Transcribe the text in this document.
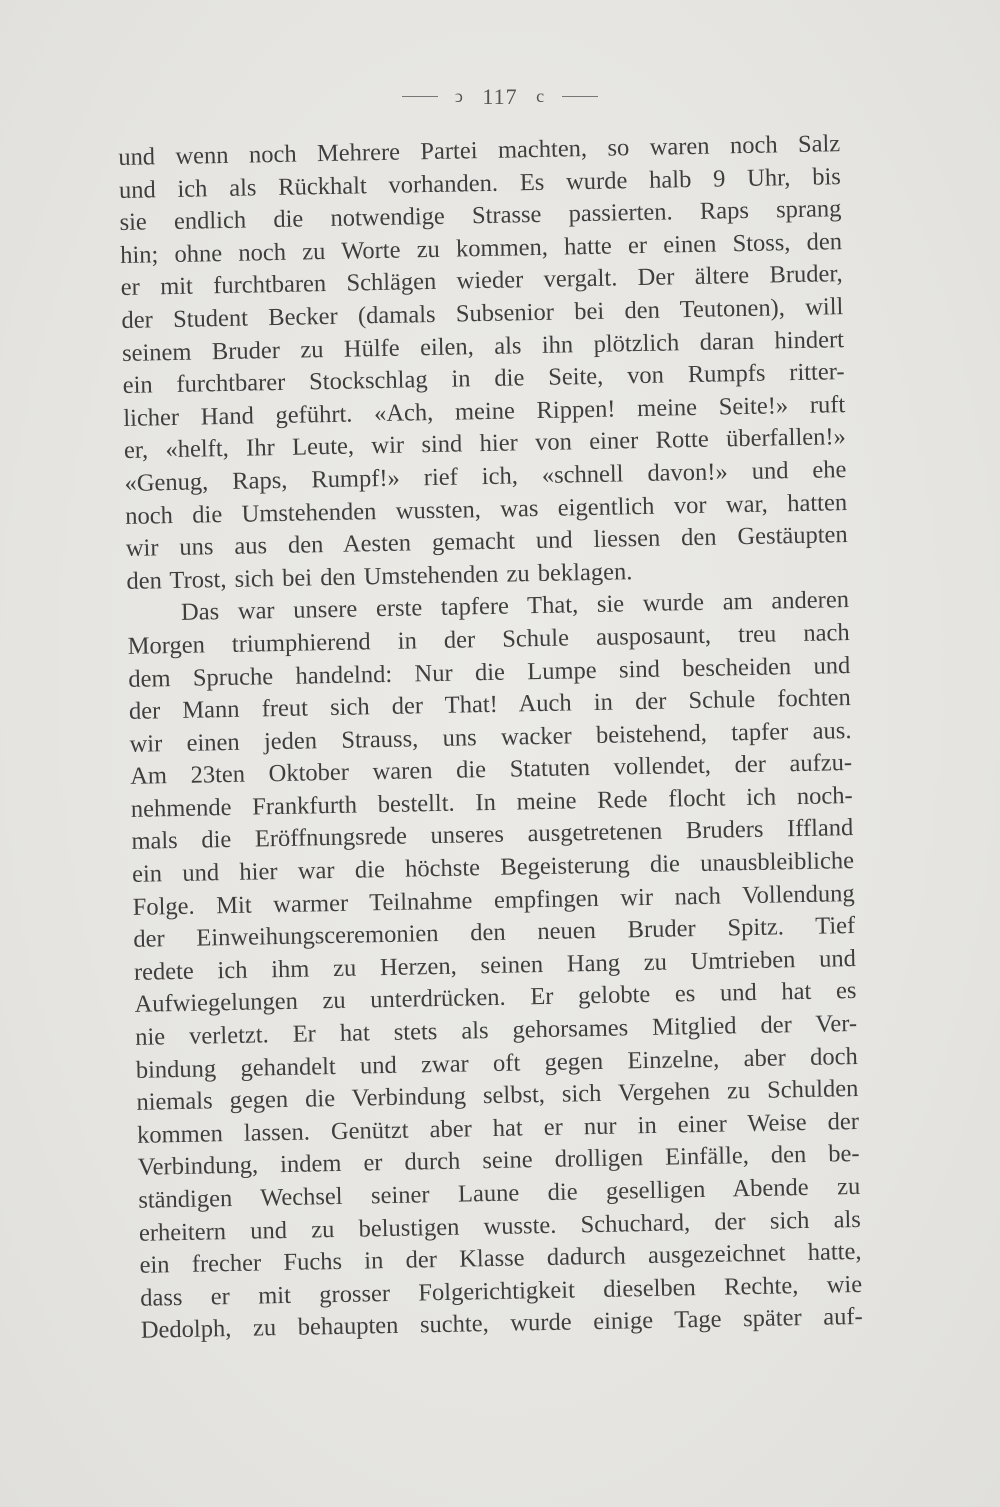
ↄ 117 c
und wenn noch Mehrere Partei machten, so waren noch Salz
und ich als Rückhalt vorhanden. Es wurde halb 9 Uhr, bis
sie endlich die notwendige Strasse passierten. Raps sprang
hin; ohne noch zu Worte zu kommen, hatte er einen Stoss, den
er mit furchtbaren Schlägen wieder vergalt. Der ältere Bruder,
der Student Becker (damals Subsenior bei den Teutonen), will
seinem Bruder zu Hülfe eilen, als ihn plötzlich daran hindert
ein furchtbarer Stockschlag in die Seite, von Rumpfs ritter-
licher Hand geführt. «Ach, meine Rippen! meine Seite!» ruft
er, «helft, Ihr Leute, wir sind hier von einer Rotte überfallen!»
«Genug, Raps, Rumpf!» rief ich, «schnell davon!» und ehe
noch die Umstehenden wussten, was eigentlich vor war, hatten
wir uns aus den Aesten gemacht und liessen den Gestäupten
den Trost, sich bei den Umstehenden zu beklagen.
Das war unsere erste tapfere That, sie wurde am anderen
Morgen triumphierend in der Schule ausposaunt, treu nach
dem Spruche handelnd: Nur die Lumpe sind bescheiden und
der Mann freut sich der That! Auch in der Schule fochten
wir einen jeden Strauss, uns wacker beistehend, tapfer aus.
Am 23ten Oktober waren die Statuten vollendet, der aufzu-
nehmende Frankfurth bestellt. In meine Rede flocht ich noch-
mals die Eröffnungsrede unseres ausgetretenen Bruders Iffland
ein und hier war die höchste Begeisterung die unausbleibliche
Folge. Mit warmer Teilnahme empfingen wir nach Vollendung
der Einweihungsceremonien den neuen Bruder Spitz. Tief
redete ich ihm zu Herzen, seinen Hang zu Umtrieben und
Aufwiegelungen zu unterdrücken. Er gelobte es und hat es
nie verletzt. Er hat stets als gehorsames Mitglied der Ver-
bindung gehandelt und zwar oft gegen Einzelne, aber doch
niemals gegen die Verbindung selbst, sich Vergehen zu Schulden
kommen lassen. Genützt aber hat er nur in einer Weise der
Verbindung, indem er durch seine drolligen Einfälle, den be-
ständigen Wechsel seiner Laune die geselligen Abende zu
erheitern und zu belustigen wusste. Schuchard, der sich als
ein frecher Fuchs in der Klasse dadurch ausgezeichnet hatte,
dass er mit grosser Folgerichtigkeit dieselben Rechte, wie
Dedolph, zu behaupten suchte, wurde einige Tage später auf-
